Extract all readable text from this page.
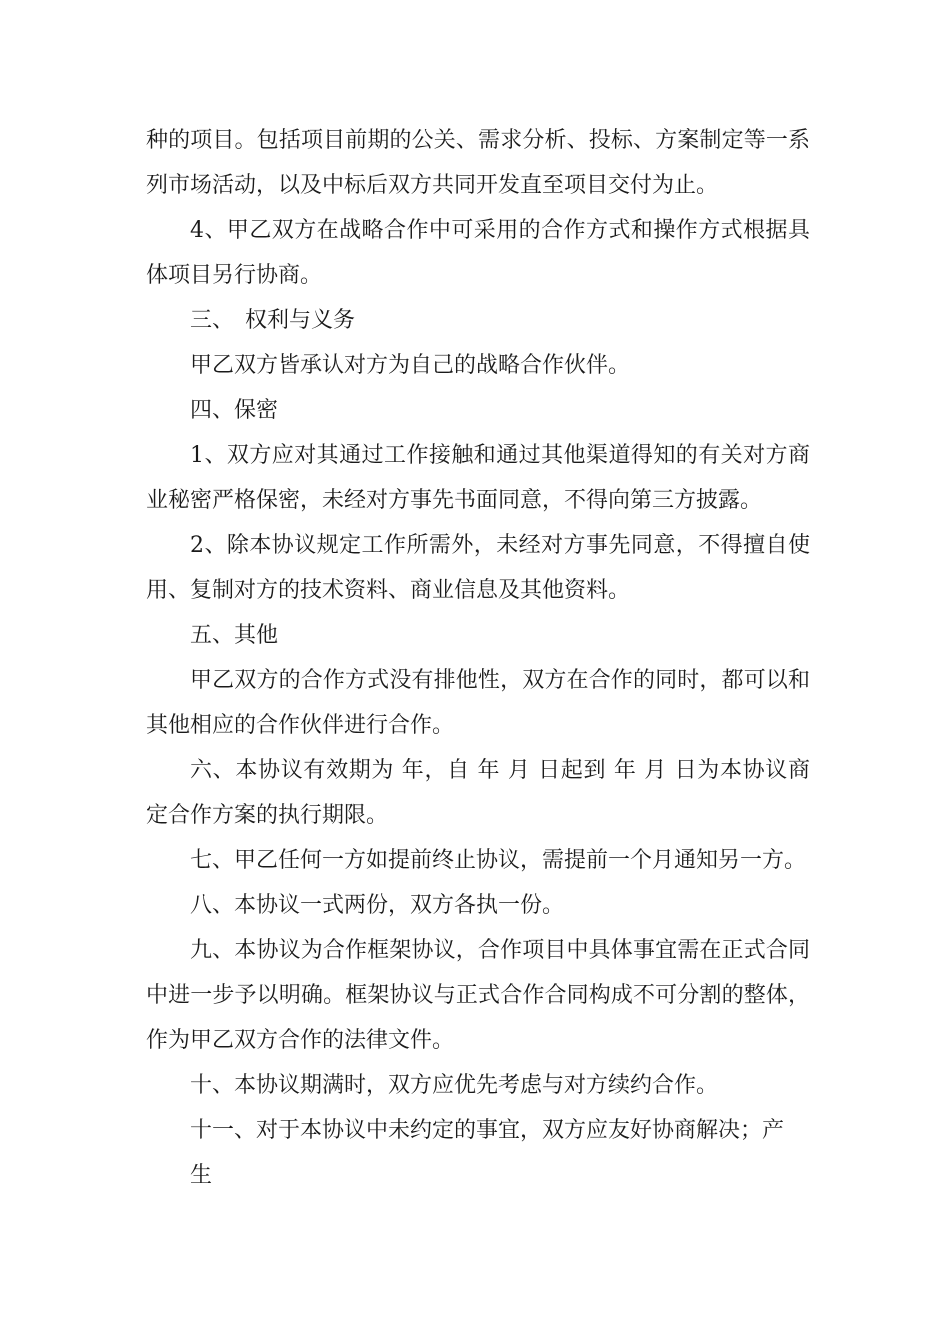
种的项目。包括项目前期的公关、需求分析、投标、方案制定等一系列市场活动，以及中标后双方共同开发直至项目交付为止。

4、甲乙双方在战略合作中可采用的合作方式和操作方式根据具体项目另行协商。

三、　权利与义务

甲乙双方皆承认对方为自己的战略合作伙伴。

四、保密

1、双方应对其通过工作接触和通过其他渠道得知的有关对方商业秘密严格保密，未经对方事先书面同意，不得向第三方披露。

2、除本协议规定工作所需外，未经对方事先同意，不得擅自使用、复制对方的技术资料、商业信息及其他资料。

五、其他

甲乙双方的合作方式没有排他性，双方在合作的同时，都可以和其他相应的合作伙伴进行合作。

六、本协议有效期为 年，自 年 月 日起到 年 月 日为本协议商定合作方案的执行期限。

七、甲乙任何一方如提前终止协议，需提前一个月通知另一方。

八、本协议一式两份，双方各执一份。

九、本协议为合作框架协议，合作项目中具体事宜需在正式合同中进一步予以明确。框架协议与正式合作合同构成不可分割的整体，作为甲乙双方合作的法律文件。

十、本协议期满时，双方应优先考虑与对方续约合作。

十一、对于本协议中未约定的事宜，双方应友好协商解决；产

生
